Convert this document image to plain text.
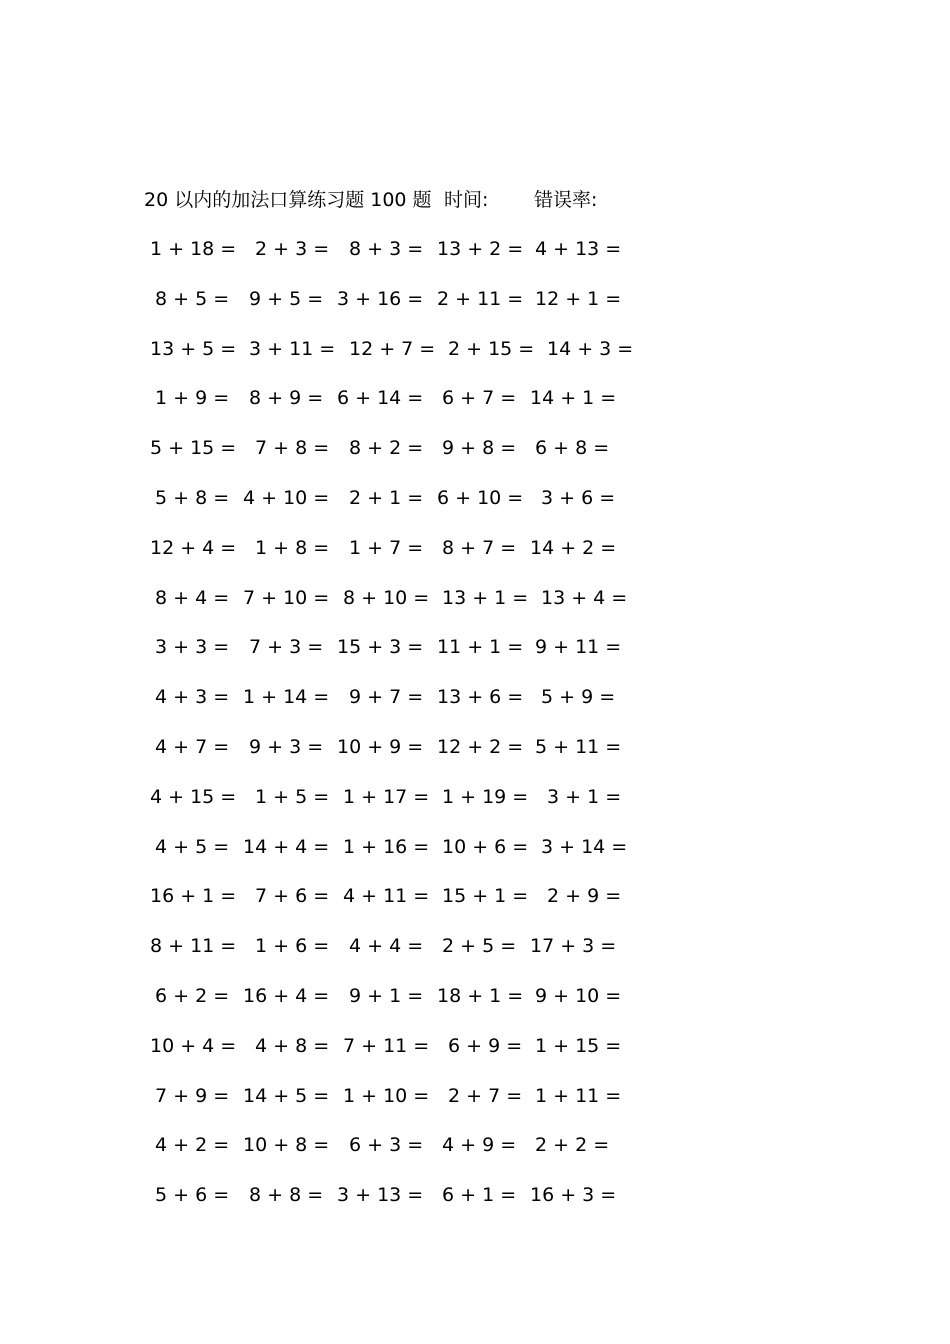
20 以内的加法口算练习题 100 题 时间: 错误率:
1 + 18 = 2 + 3 = 8 + 3 = 13 + 2 = 4 + 13 =
8 + 5 = 9 + 5 = 3 + 16 = 2 + 11 = 12 + 1 =
13 + 5 = 3 + 11 = 12 + 7 = 2 + 15 = 14 + 3 =
1 + 9 = 8 + 9 = 6 + 14 = 6 + 7 = 14 + 1 =
5 + 15 = 7 + 8 = 8 + 2 = 9 + 8 = 6 + 8 =
5 + 8 = 4 + 10 = 2 + 1 = 6 + 10 = 3 + 6 =
12 + 4 = 1 + 8 = 1 + 7 = 8 + 7 = 14 + 2 =
8 + 4 = 7 + 10 = 8 + 10 = 13 + 1 = 13 + 4 =
3 + 3 = 7 + 3 = 15 + 3 = 11 + 1 = 9 + 11 =
4 + 3 = 1 + 14 = 9 + 7 = 13 + 6 = 5 + 9 =
4 + 7 = 9 + 3 = 10 + 9 = 12 + 2 = 5 + 11 =
4 + 15 = 1 + 5 = 1 + 17 = 1 + 19 = 3 + 1 =
4 + 5 = 14 + 4 = 1 + 16 = 10 + 6 = 3 + 14 =
16 + 1 = 7 + 6 = 4 + 11 = 15 + 1 = 2 + 9 =
8 + 11 = 1 + 6 = 4 + 4 = 2 + 5 = 17 + 3 =
6 + 2 = 16 + 4 = 9 + 1 = 18 + 1 = 9 + 10 =
10 + 4 = 4 + 8 = 7 + 11 = 6 + 9 = 1 + 15 =
7 + 9 = 14 + 5 = 1 + 10 = 2 + 7 = 1 + 11 =
4 + 2 = 10 + 8 = 6 + 3 = 4 + 9 = 2 + 2 =
5 + 6 = 8 + 8 = 3 + 13 = 6 + 1 = 16 + 3 =
